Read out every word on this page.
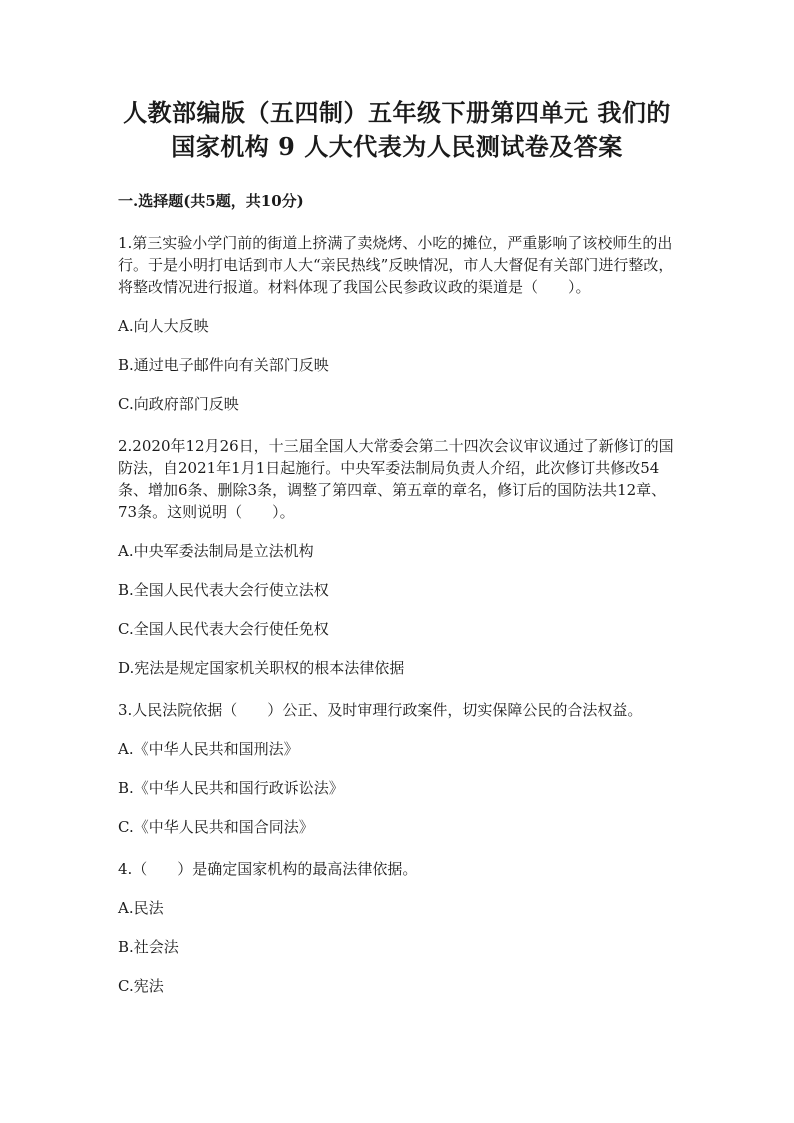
人教部编版（五四制）五年级下册第四单元 我们的
国家机构 9 人大代表为人民测试卷及答案
一.选择题(共5题，共10分)

1.第三实验小学门前的街道上挤满了卖烧烤、小吃的摊位，严重影响了该校师生的出行。于是小明打电话到市人大“亲民热线”反映情况，市人大督促有关部门进行整改，将整改情况进行报道。材料体现了我国公民参政议政的渠道是（　　）。

A.向人大反映

B.通过电子邮件向有关部门反映

C.向政府部门反映

2.2020年12月26日，十三届全国人大常委会第二十四次会议审议通过了新修订的国防法，自2021年1月1日起施行。中央军委法制局负责人介绍，此次修订共修改54条、增加6条、删除3条，调整了第四章、第五章的章名，修订后的国防法共12章、73条。这则说明（　　）。

A.中央军委法制局是立法机构

B.全国人民代表大会行使立法权

C.全国人民代表大会行使任免权

D.宪法是规定国家机关职权的根本法律依据

3.人民法院依据（　　）公正、及时审理行政案件，切实保障公民的合法权益。

A.《中华人民共和国刑法》

B.《中华人民共和国行政诉讼法》

C.《中华人民共和国合同法》

4.（　　）是确定国家机构的最高法律依据。

A.民法

B.社会法

C.宪法
